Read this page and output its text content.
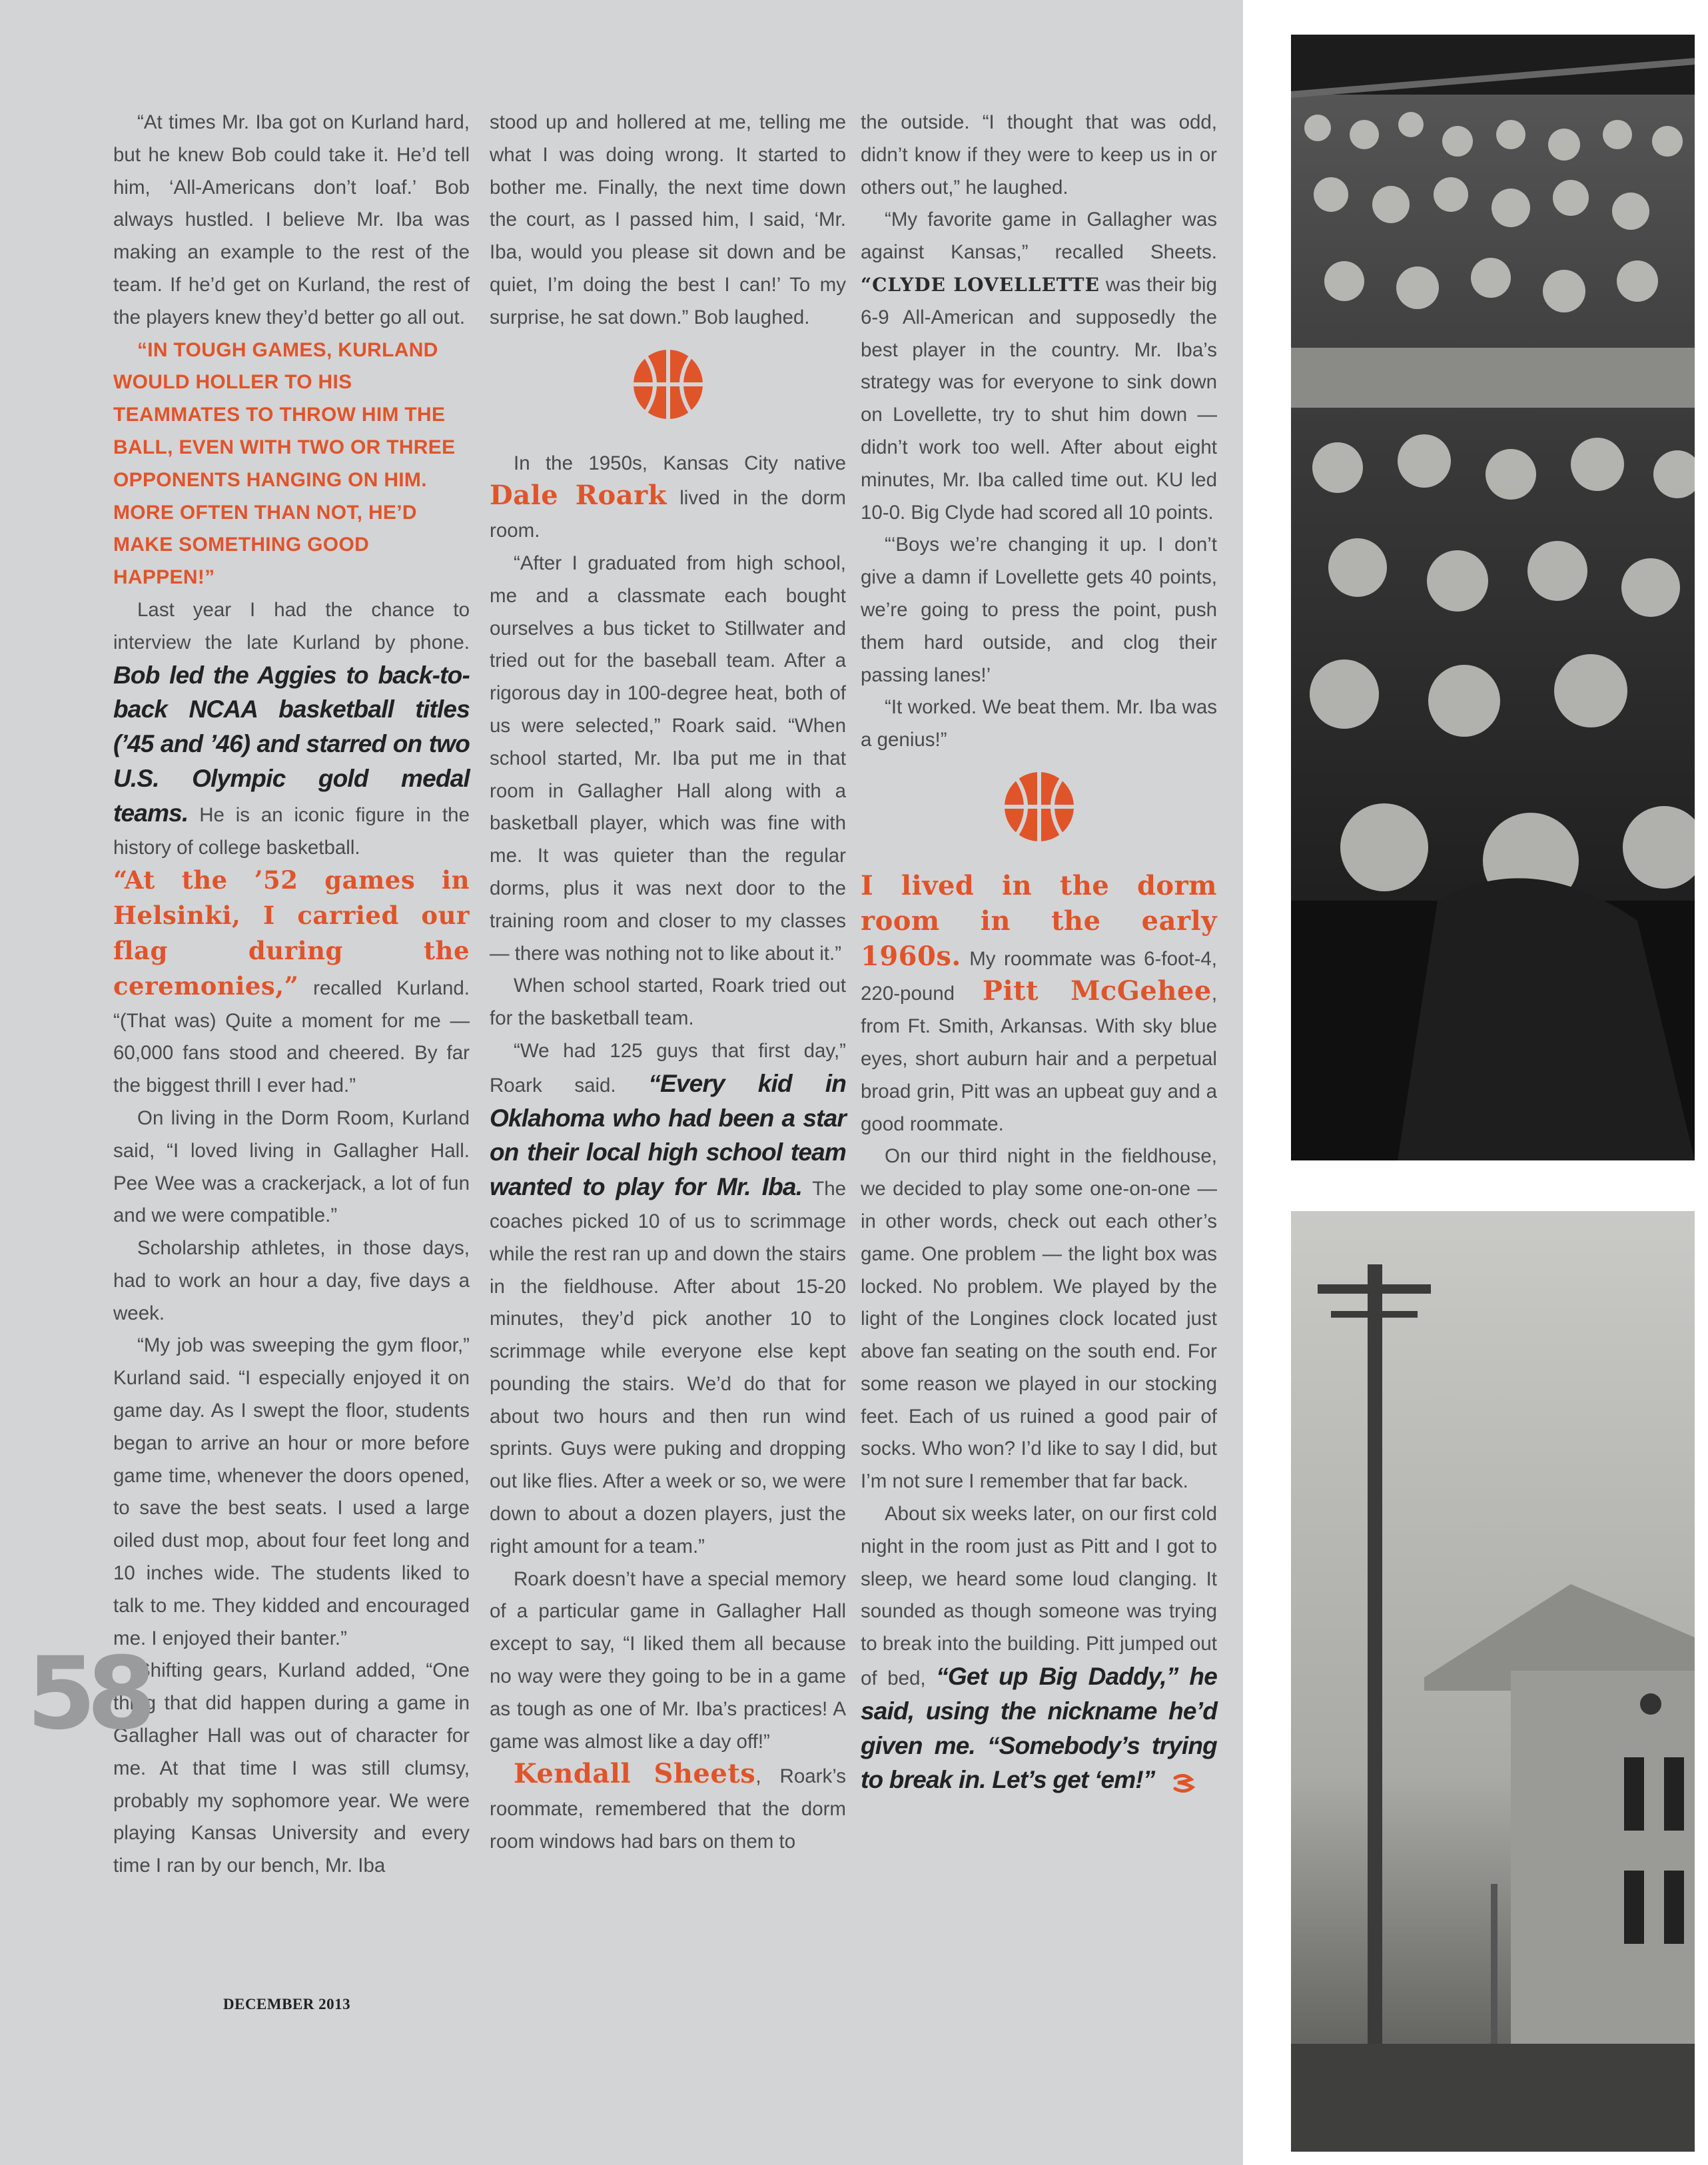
“At times Mr. Iba got on Kurland hard, but he knew Bob could take it. He’d tell him, ‘All-Americans don’t loaf.’ Bob always hustled. I believe Mr. Iba was making an example to the rest of the team. If he’d get on Kurland, the rest of the players knew they’d better go all out.

“IN TOUGH GAMES, KURLAND WOULD HOLLER TO HIS TEAMMATES TO THROW HIM THE BALL, EVEN WITH TWO OR THREE OPPONENTS HANGING ON HIM. MORE OFTEN THAN NOT, HE’D MAKE SOMETHING GOOD HAPPEN!”

Last year I had the chance to interview the late Kurland by phone. Bob led the Aggies to back-to-back NCAA basketball titles (’45 and ’46) and starred on two U.S. Olympic gold medal teams. He is an iconic figure in the history of college basketball.

“At the ’52 games in Helsinki, I carried our flag during the ceremonies,” recalled Kurland. “(That was) Quite a moment for me — 60,000 fans stood and cheered. By far the biggest thrill I ever had.”

On living in the Dorm Room, Kurland said, “I loved living in Gallagher Hall. Pee Wee was a crackerjack, a lot of fun and we were compatible.”

Scholarship athletes, in those days, had to work an hour a day, five days a week.

“My job was sweeping the gym floor,” Kurland said. “I especially enjoyed it on game day. As I swept the floor, students began to arrive an hour or more before game time, whenever the doors opened, to save the best seats. I used a large oiled dust mop, about four feet long and 10 inches wide. The students liked to talk to me. They kidded and encouraged me. I enjoyed their banter.”

Shifting gears, Kurland added, “One thing that did happen during a game in Gallagher Hall was out of character for me. At that time I was still clumsy, probably my sophomore year. We were playing Kansas University and every time I ran by our bench, Mr. Iba

stood up and hollered at me, telling me what I was doing wrong. It started to bother me. Finally, the next time down the court, as I passed him, I said, ‘Mr. Iba, would you please sit down and be quiet, I’m doing the best I can!’ To my surprise, he sat down.” Bob laughed.

In the 1950s, Kansas City native Dale Roark lived in the dorm room.

“After I graduated from high school, me and a classmate each bought ourselves a bus ticket to Stillwater and tried out for the baseball team. After a rigorous day in 100-degree heat, both of us were selected,” Roark said. “When school started, Mr. Iba put me in that room in Gallagher Hall along with a basketball player, which was fine with me. It was quieter than the regular dorms, plus it was next door to the training room and closer to my classes — there was nothing not to like about it.”

When school started, Roark tried out for the basketball team.

“We had 125 guys that first day,” Roark said. “Every kid in Oklahoma who had been a star on their local high school team wanted to play for Mr. Iba. The coaches picked 10 of us to scrimmage while the rest ran up and down the stairs in the fieldhouse. After about 15-20 minutes, they’d pick another 10 to scrimmage while everyone else kept pounding the stairs. We’d do that for about two hours and then run wind sprints. Guys were puking and dropping out like flies. After a week or so, we were down to about a dozen players, just the right amount for a team.”

Roark doesn’t have a special memory of a particular game in Gallagher Hall except to say, “I liked them all because no way were they going to be in a game as tough as one of Mr. Iba’s practices! A game was almost like a day off!”

Kendall Sheets, Roark’s roommate, remembered that the dorm room windows had bars on them to

the outside. “I thought that was odd, didn’t know if they were to keep us in or others out,” he laughed.

“My favorite game in Gallagher was against Kansas,” recalled Sheets. “CLYDE LOVELLETTE was their big 6-9 All-American and supposedly the best player in the country. Mr. Iba’s strategy was for everyone to sink down on Lovellette, try to shut him down —didn’t work too well. After about eight minutes, Mr. Iba called time out. KU led 10-0. Big Clyde had scored all 10 points.

“‘Boys we’re changing it up. I don’t give a damn if Lovellette gets 40 points, we’re going to press the point, push them hard outside, and clog their passing lanes!’

“It worked. We beat them. Mr. Iba was a genius!”

I lived in the dorm room in the early 1960s. My roommate was 6-foot-4, 220-pound Pitt McGehee, from Ft. Smith, Arkansas. With sky blue eyes, short auburn hair and a perpetual broad grin, Pitt was an upbeat guy and a good roommate.

On our third night in the fieldhouse, we decided to play some one-on-one — in other words, check out each other’s game. One problem — the light box was locked. No problem. We played by the light of the Longines clock located just above fan seating on the south end. For some reason we played in our stocking feet. Each of us ruined a good pair of socks. Who won? I’d like to say I did, but I’m not sure I remember that far back.

About six weeks later, on our first cold night in the room just as Pitt and I got to sleep, we heard some loud clanging. It sounded as though someone was trying to break into the building. Pitt jumped out of bed, “Get up Big Daddy,” he said, using the nickname he’d given me. “Somebody’s trying to break in. Let’s get ‘em!”

58
DECEMBER 2013
